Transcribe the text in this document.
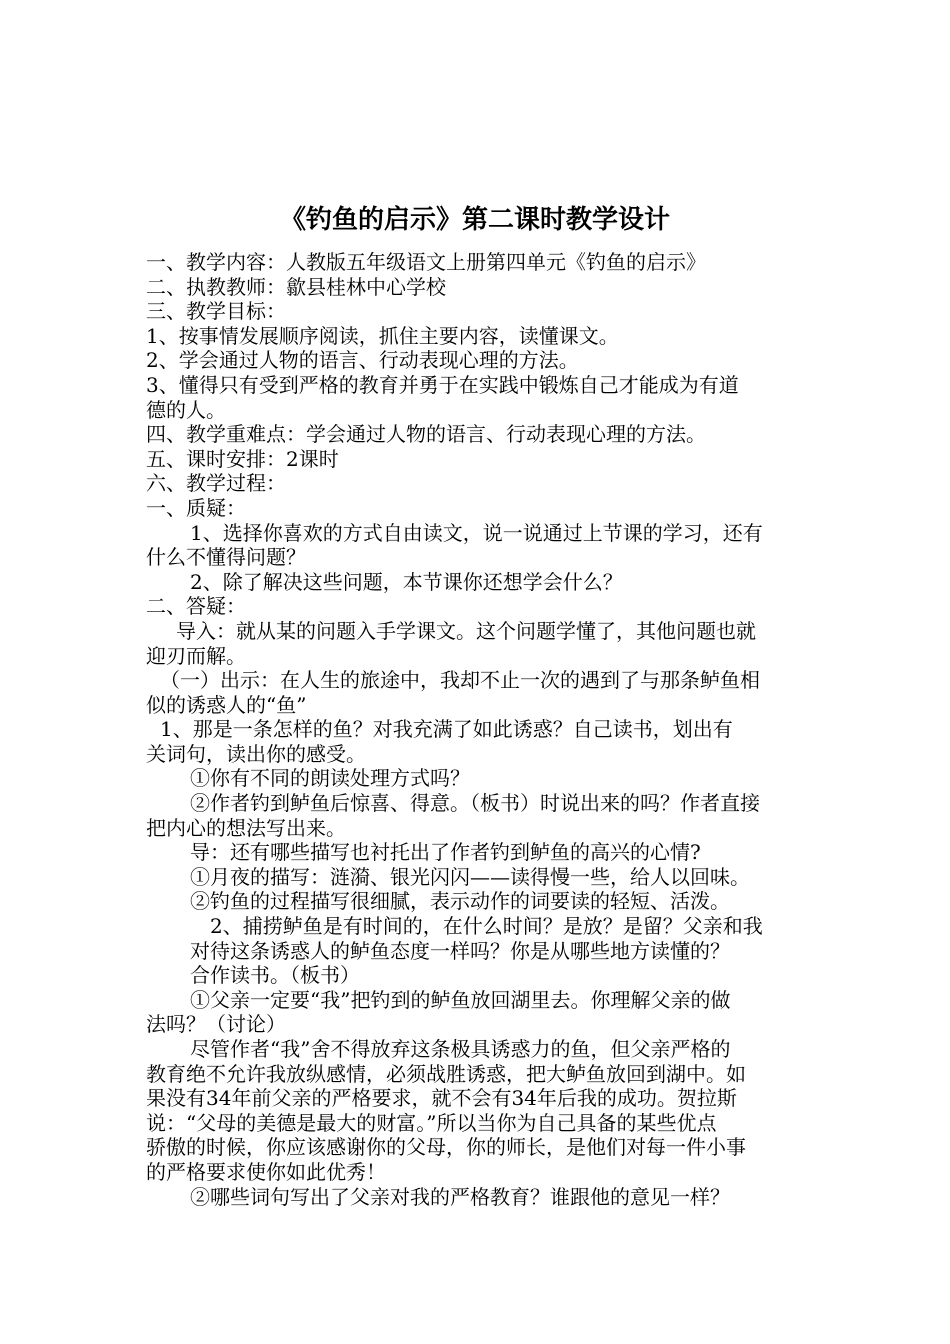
《钓鱼的启示》第二课时教学设计
一、教学内容：人教版五年级语文上册第四单元《钓鱼的启示》
二、执教教师：歙县桂林中心学校
三、教学目标：
1、按事情发展顺序阅读，抓住主要内容，读懂课文。
2、学会通过人物的语言、行动表现心理的方法。
3、懂得只有受到严格的教育并勇于在实践中锻炼自己才能成为有道
德的人。
四、教学重难点：学会通过人物的语言、行动表现心理的方法。
五、课时安排：2课时
六、教学过程：
一、质疑：
1、选择你喜欢的方式自由读文，说一说通过上节课的学习，还有
什么不懂得问题？
2、除了解决这些问题，本节课你还想学会什么？
二、答疑：
导入：就从某的问题入手学课文。这个问题学懂了，其他问题也就
迎刃而解。
（一）出示：在人生的旅途中，我却不止一次的遇到了与那条鲈鱼相
似的诱惑人的“鱼”
1、那是一条怎样的鱼？对我充满了如此诱惑？自己读书，划出有
关词句，读出你的感受。
①你有不同的朗读处理方式吗？
②作者钓到鲈鱼后惊喜、得意。（板书）时说出来的吗？作者直接
把内心的想法写出来。
导：还有哪些描写也衬托出了作者钓到鲈鱼的高兴的心情?
①月夜的描写：涟漪、银光闪闪——读得慢一些，给人以回味。
②钓鱼的过程描写很细腻，表示动作的词要读的轻短、活泼。
2、捕捞鲈鱼是有时间的，在什么时间？是放？是留？父亲和我
对待这条诱惑人的鲈鱼态度一样吗？你是从哪些地方读懂的？
合作读书。（板书）
①父亲一定要“我”把钓到的鲈鱼放回湖里去。你理解父亲的做
法吗？（讨论）
尽管作者“我”舍不得放弃这条极具诱惑力的鱼，但父亲严格的
教育绝不允许我放纵感情，必须战胜诱惑，把大鲈鱼放回到湖中。如
果没有34年前父亲的严格要求，就不会有34年后我的成功。贺拉斯
说：“父母的美德是最大的财富。”所以当你为自己具备的某些优点
骄傲的时候，你应该感谢你的父母，你的师长，是他们对每一件小事
的严格要求使你如此优秀！
②哪些词句写出了父亲对我的严格教育？谁跟他的意见一样？
